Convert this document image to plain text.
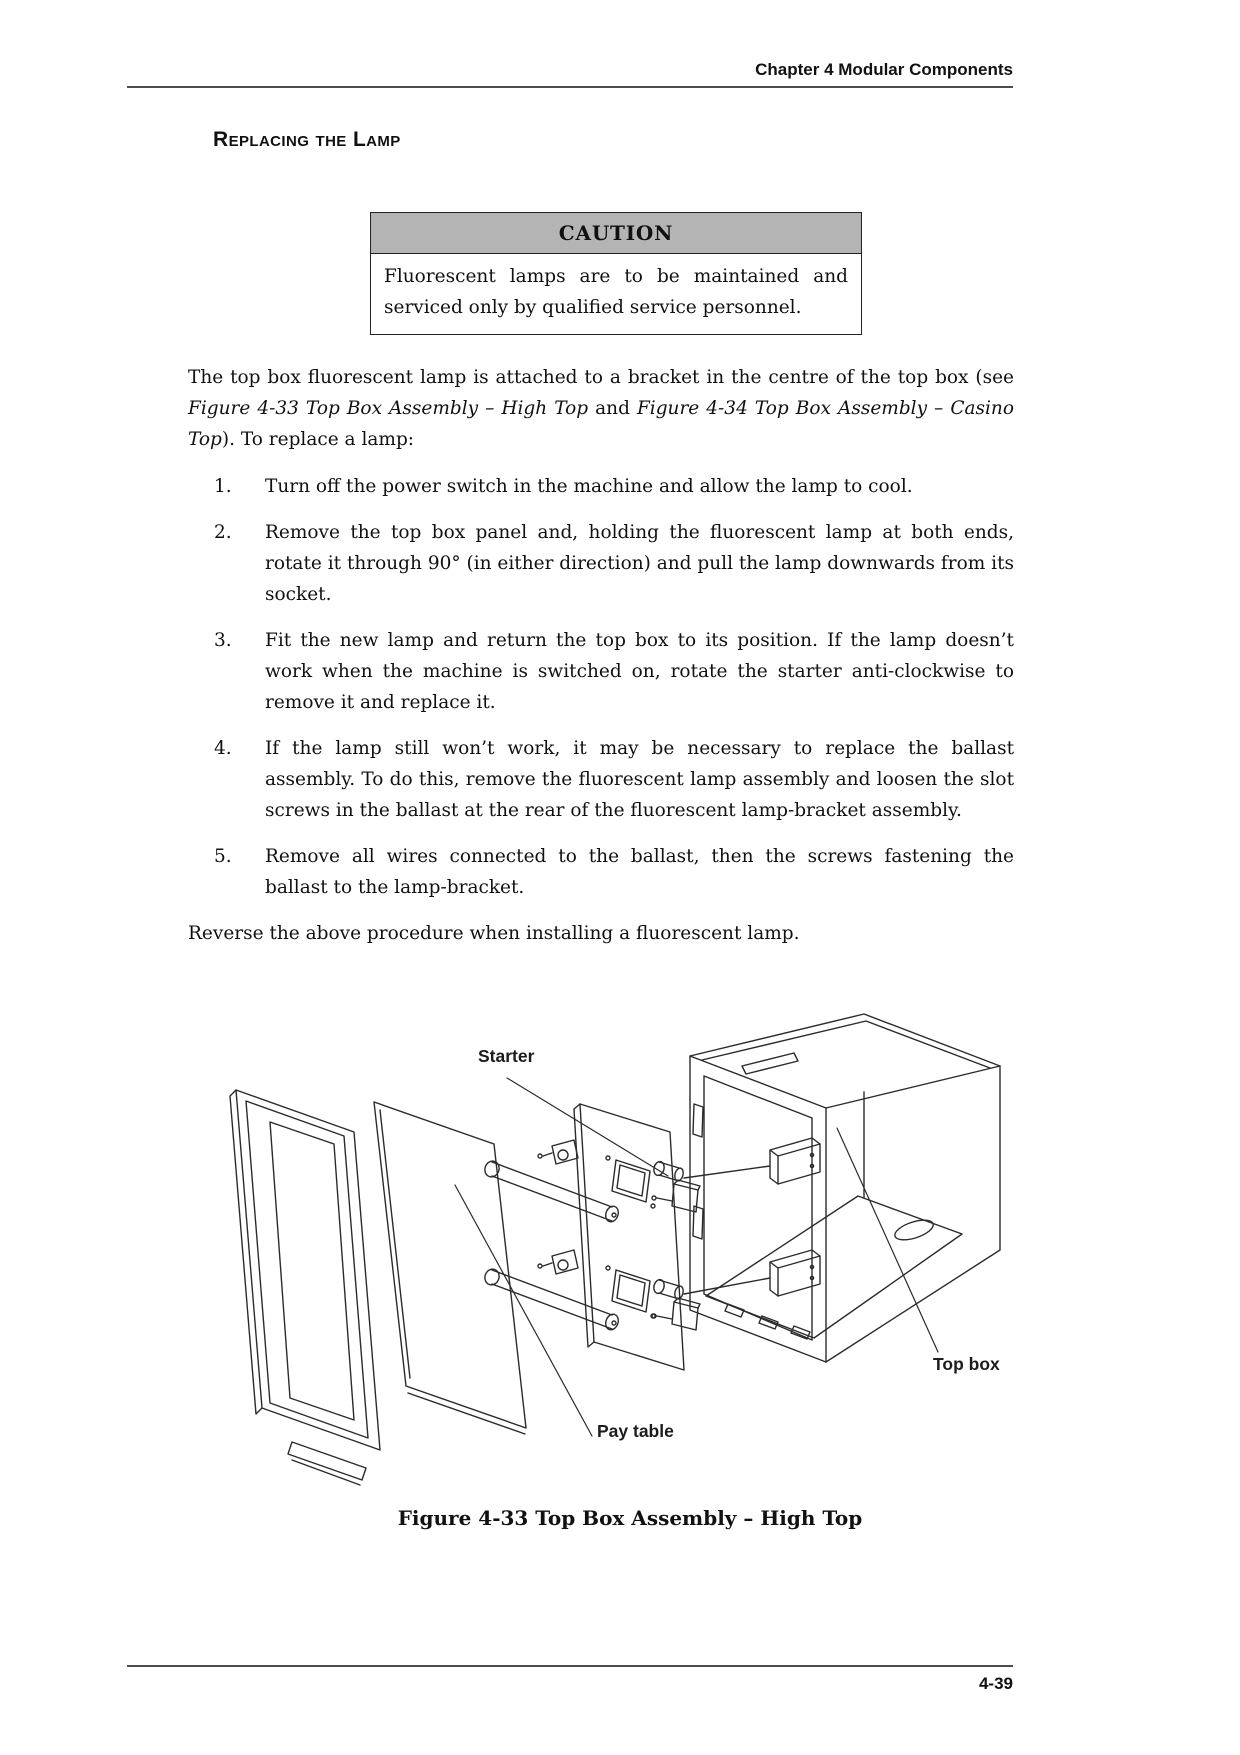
Chapter 4 Modular Components
Replacing the Lamp
CAUTION
Fluorescent lamps are to be maintained and serviced only by qualified service personnel.

The top box fluorescent lamp is attached to a bracket in the centre of the top box (see Figure 4-33 Top Box Assembly – High Top and Figure 4-34 Top Box Assembly – Casino Top). To replace a lamp:

1.	Turn off the power switch in the machine and allow the lamp to cool.
2.	Remove the top box panel and, holding the fluorescent lamp at both ends, rotate it through 90° (in either direction) and pull the lamp downwards from its socket.
3.	Fit the new lamp and return the top box to its position. If the lamp doesn’t work when the machine is switched on, rotate the starter anti-clockwise to remove it and replace it.
4.	If the lamp still won’t work, it may be necessary to replace the ballast assembly. To do this, remove the fluorescent lamp assembly and loosen the slot screws in the ballast at the rear of the fluorescent lamp-bracket assembly.
5.	Remove all wires connected to the ballast, then the screws fastening the ballast to the lamp-bracket.

Reverse the above procedure when installing a fluorescent lamp.

Starter
Top box
Pay table
Figure 4-33 Top Box Assembly – High Top
4-39
